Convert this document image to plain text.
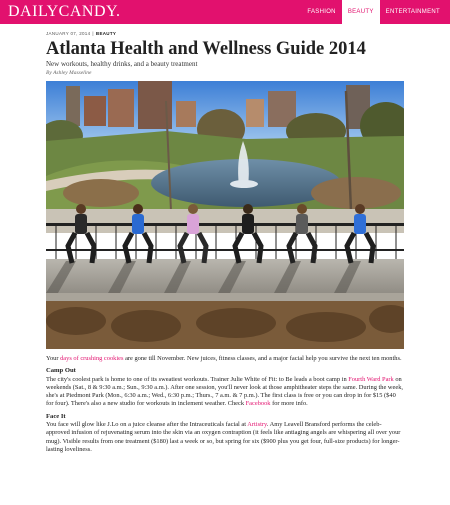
DAILYCANDY.	FASHION	BEAUTY	ENTERTAINMENT
JANUARY 07, 2014 | BEAUTY
Atlanta Health and Wellness Guide 2014
New workouts, healthy drinks, and a beauty treatment
By Ashley Masseline

Your days of crushing cookies are gone till November. New juices, fitness classes, and a major facial help you survive the next ten months.

Camp Out

The city's coolest park is home to one of its sweatiest workouts. Trainer Julie White of Fit: to Be leads a boot camp in Fourth Ward Park on weekends (Sat., 8 & 9:30 a.m.; Sun., 9:30 a.m.). After one session, you'll never look at those amphitheater steps the same. During the week, she's at Piedmont Park (Mon., 6:30 a.m.; Wed., 6:30 p.m.; Thurs., 7 a.m. & 7 p.m.). The first class is free or you can drop in for $15 ($40 for four). There's also a new studio for workouts in inclement weather. Check Facebook for more info.

Face It

You face will glow like J.Lo on a juice cleanse after the Intraceuticals facial at Artistry. Amy Leavell Bransford performs the celeb-approved infusion of rejuvenating serum into the skin via an oxygen contraption (it feels like antiaging angels are whispering all over your mug). Visible results from one treatment ($180) last a week or so, but spring for six ($900 plus you get four, full-size products) for longer-lasting loveliness.
